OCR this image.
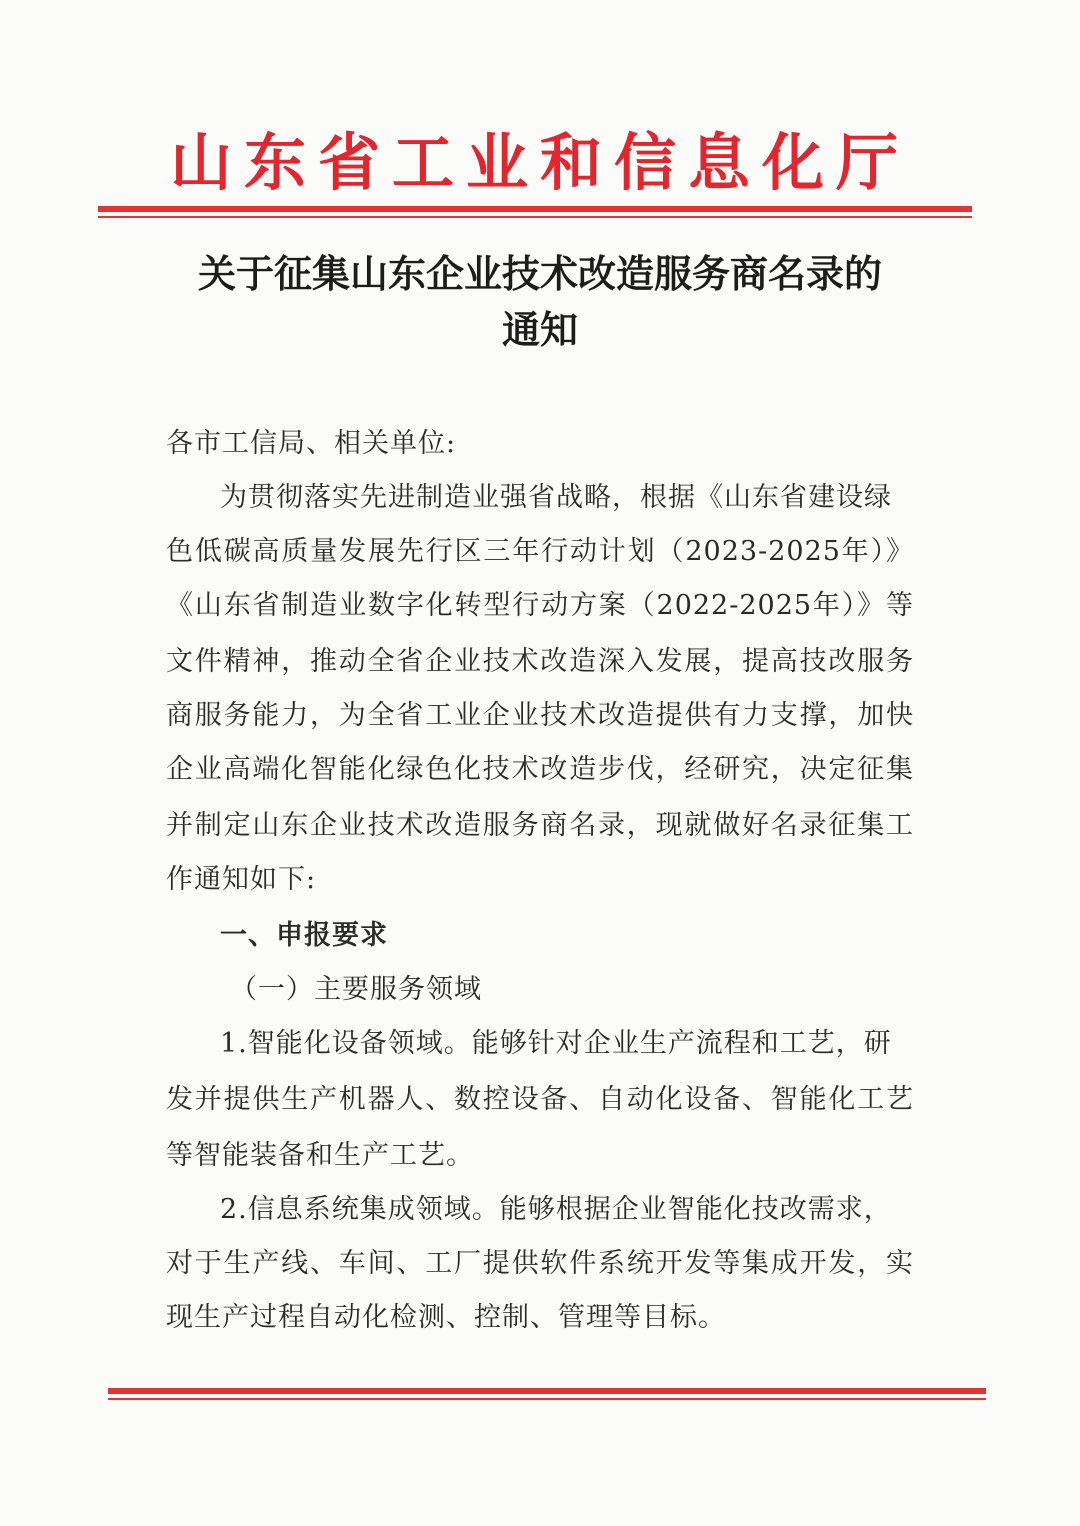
山东省工业和信息化厅
关于征集山东企业技术改造服务商名录的
通知
各市工信局、相关单位:
为贯彻落实先进制造业强省战略，根据《山东省建设绿
色低碳高质量发展先行区三年行动计划（2023-2025年）》
《山东省制造业数字化转型行动方案（2022-2025年）》等
文件精神，推动全省企业技术改造深入发展，提高技改服务
商服务能力，为全省工业企业技术改造提供有力支撑，加快
企业高端化智能化绿色化技术改造步伐，经研究，决定征集
并制定山东企业技术改造服务商名录，现就做好名录征集工
作通知如下:
一、申报要求
（一）主要服务领域
1.智能化设备领域。能够针对企业生产流程和工艺，研
发并提供生产机器人、数控设备、自动化设备、智能化工艺
等智能装备和生产工艺。
2.信息系统集成领域。能够根据企业智能化技改需求，
对于生产线、车间、工厂提供软件系统开发等集成开发，实
现生产过程自动化检测、控制、管理等目标。
